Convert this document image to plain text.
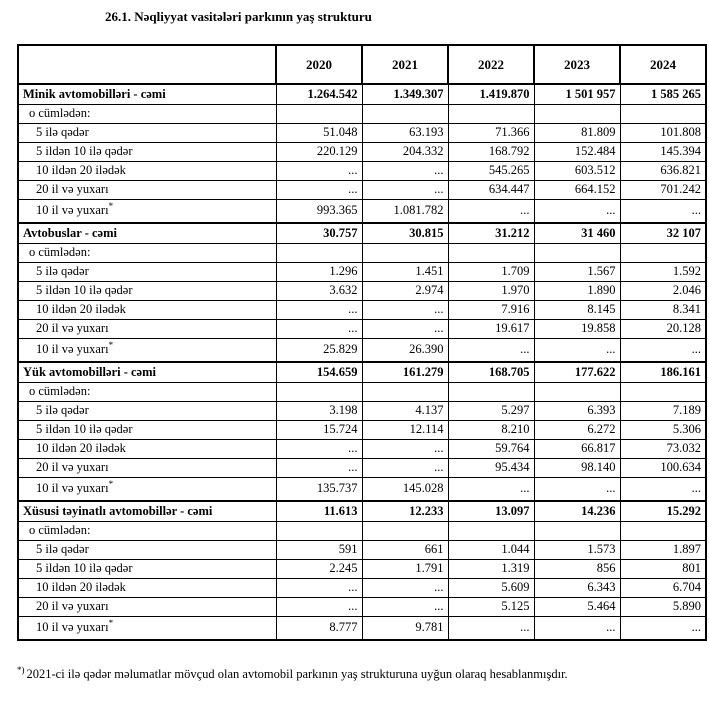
26.1. Nəqliyyat vasitələri parkının yaş strukturu
	2020	2021	2022	2023	2024
Minik avtomobilləri - cəmi	1.264.542	1.349.307	1.419.870	1 501 957	1 585 265
o cümlədən:					
5 ilə qədər	51.048	63.193	71.366	81.809	101.808
5 ildən 10 ilə qədər	220.129	204.332	168.792	152.484	145.394
10 ildən 20 ilədək	...	...	545.265	603.512	636.821
20 il və yuxarı	...	...	634.447	664.152	701.242
10 il və yuxarı*	993.365	1.081.782	...	...	...
Avtobuslar - cəmi	30.757	30.815	31.212	31 460	32 107
o cümlədən:					
5 ilə qədər	1.296	1.451	1.709	1.567	1.592
5 ildən 10 ilə qədər	3.632	2.974	1.970	1.890	2.046
10 ildən 20 ilədək	...	...	7.916	8.145	8.341
20 il və yuxarı	...	...	19.617	19.858	20.128
10 il və yuxarı*	25.829	26.390	...	...	...
Yük avtomobilləri - cəmi	154.659	161.279	168.705	177.622	186.161
o cümlədən:					
5 ilə qədər	3.198	4.137	5.297	6.393	7.189
5 ildən 10 ilə qədər	15.724	12.114	8.210	6.272	5.306
10 ildən 20 ilədək	...	...	59.764	66.817	73.032
20 il və yuxarı	...	...	95.434	98.140	100.634
10 il və yuxarı*	135.737	145.028	...	...	...
Xüsusi təyinatlı avtomobillər - cəmi	11.613	12.233	13.097	14.236	15.292
o cümlədən:					
5 ilə qədər	591	661	1.044	1.573	1.897
5 ildən 10 ilə qədər	2.245	1.791	1.319	856	801
10 ildən 20 ilədək	...	...	5.609	6.343	6.704
20 il və yuxarı	...	...	5.125	5.464	5.890
10 il və yuxarı*	8.777	9.781	...	...	...

*) 2021-ci ilə qədər məlumatlar mövçud olan avtomobil parkının yaş strukturuna uyğun olaraq hesablanmışdır.
